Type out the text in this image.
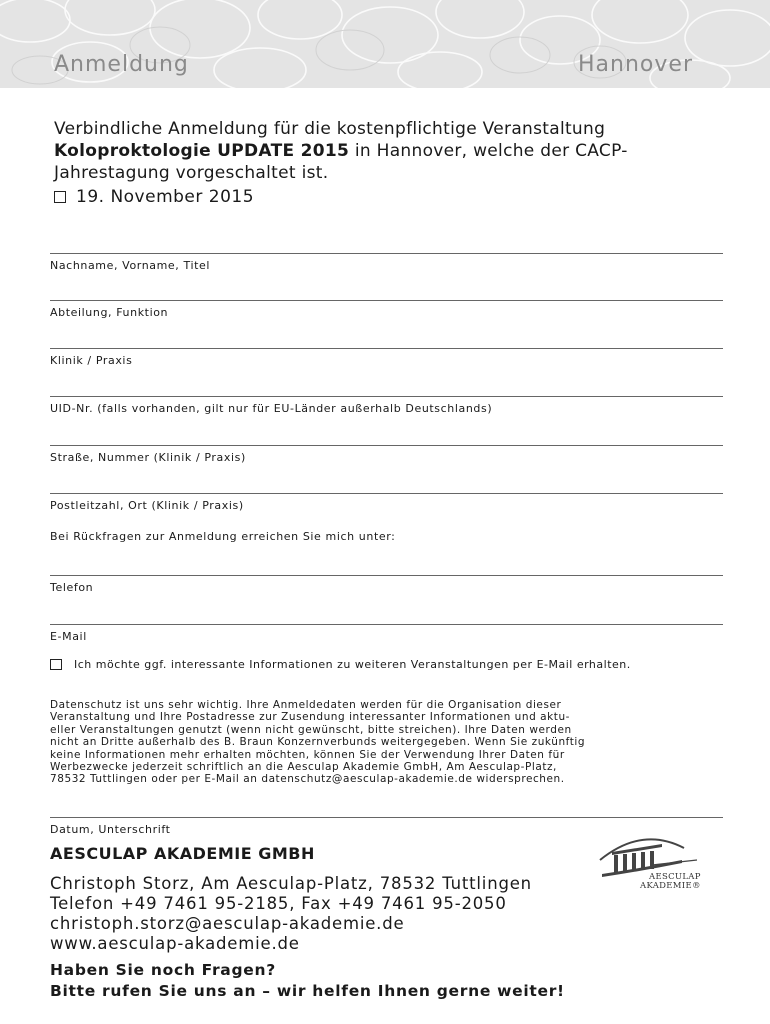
Anmeldung	Hannover
Verbindliche Anmeldung für die kostenpflichtige Veranstaltung
Koloproktologie UPDATE 2015 in Hannover, welche der CACP-
Jahrestagung vorgeschaltet ist.
19. November 2015
Nachname, Vorname, Titel
Abteilung, Funktion
Klinik / Praxis
UID-Nr. (falls vorhanden, gilt nur für EU-Länder außerhalb Deutschlands)
Straße, Nummer (Klinik / Praxis)
Postleitzahl, Ort (Klinik / Praxis)
Bei Rückfragen zur Anmeldung erreichen Sie mich unter:
Telefon
E-Mail
Ich möchte ggf. interessante Informationen zu weiteren Veranstaltungen per E-Mail erhalten.
Datenschutz ist uns sehr wichtig. Ihre Anmeldedaten werden für die Organisation dieser
Veranstaltung und Ihre Postadresse zur Zusendung interessanter Informationen und aktu-
eller Veranstaltungen genutzt (wenn nicht gewünscht, bitte streichen). Ihre Daten werden
nicht an Dritte außerhalb des B. Braun Konzernverbunds weitergegeben. Wenn Sie zukünftig
keine Informationen mehr erhalten möchten, können Sie der Verwendung Ihrer Daten für
Werbezwecke jederzeit schriftlich an die Aesculap Akademie GmbH, Am Aesculap-Platz,
78532 Tuttlingen oder per E-Mail an datenschutz@aesculap-akademie.de widersprechen.
Datum, Unterschrift
AESCULAP AKADEMIE GMBH
Christoph Storz, Am Aesculap-Platz, 78532 Tuttlingen
Telefon +49 7461 95-2185, Fax +49 7461 95-2050
christoph.storz@aesculap-akademie.de
www.aesculap-akademie.de
AESCULAP
AKADEMIE®
Haben Sie noch Fragen?
Bitte rufen Sie uns an – wir helfen Ihnen gerne weiter!
